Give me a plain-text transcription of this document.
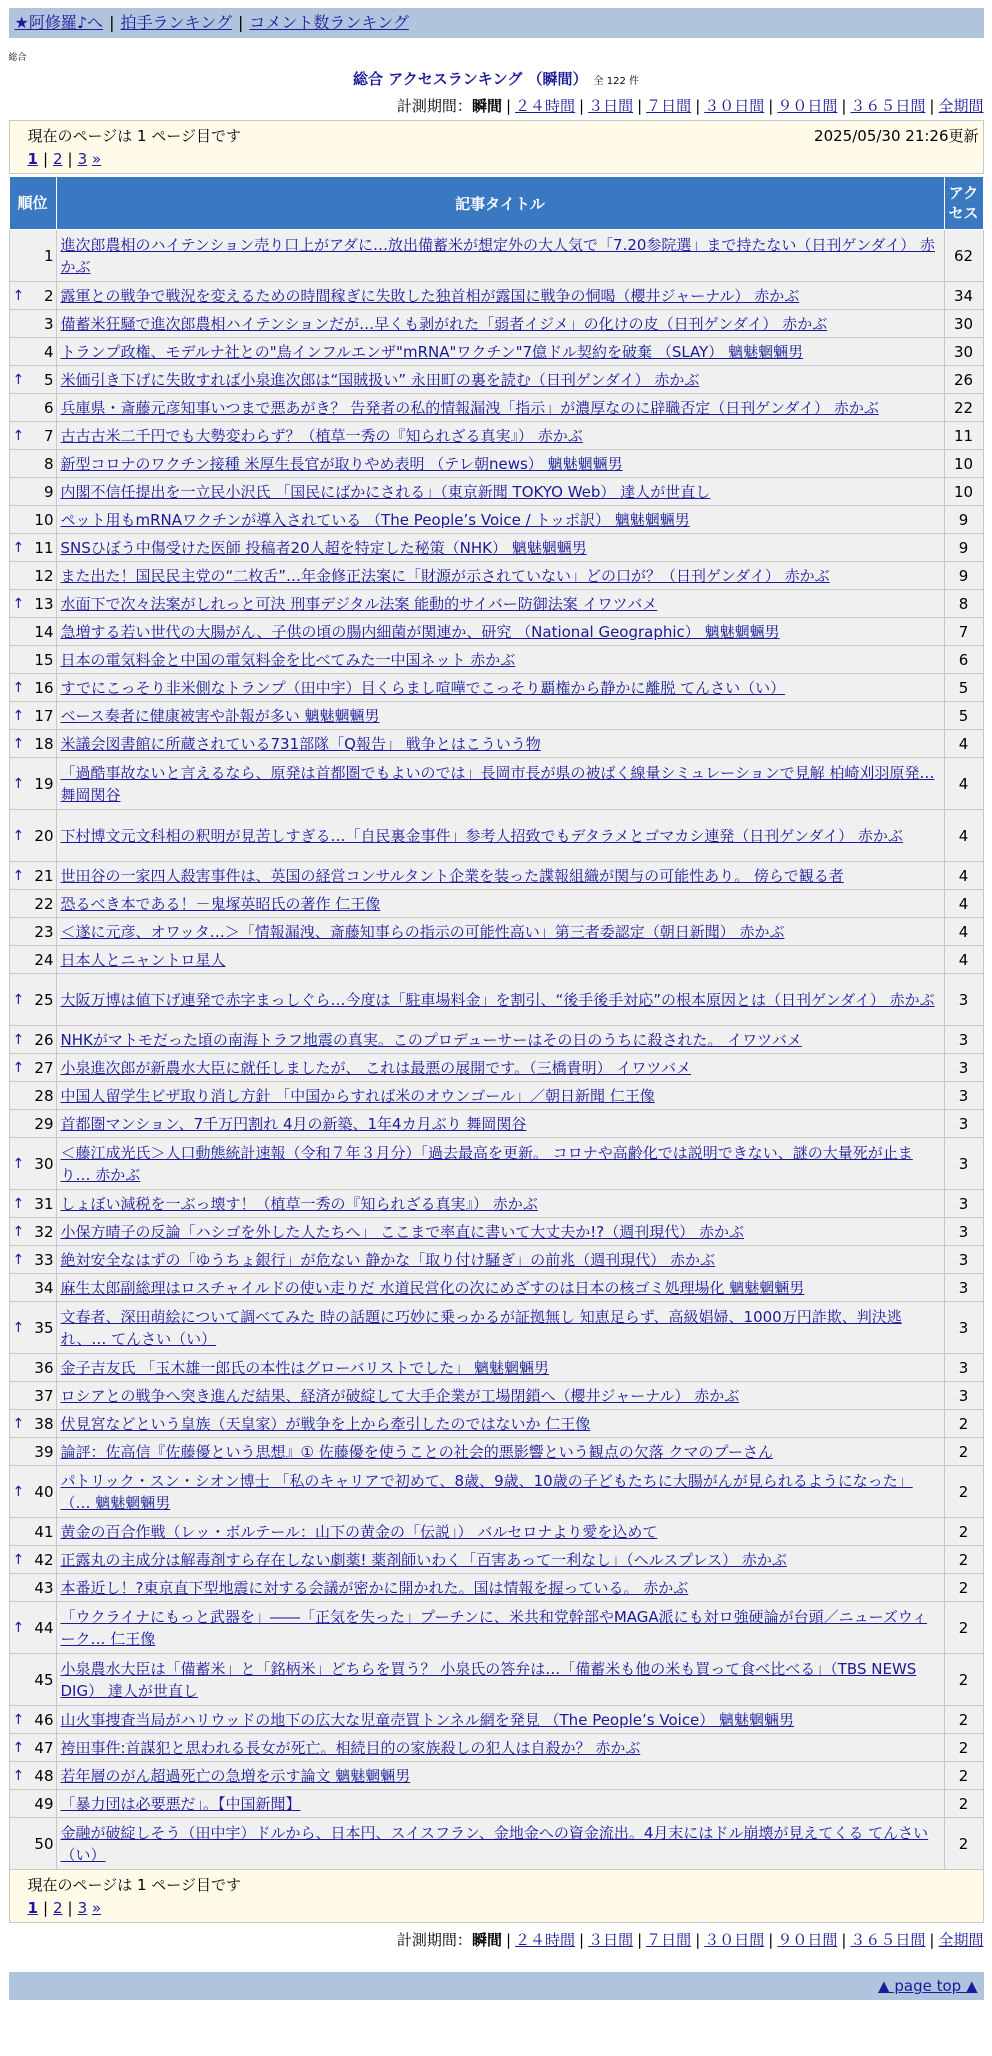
★阿修羅♪へ | 拍手ランキング | コメント数ランキング
総合
総合 アクセスランキング （瞬間） 全 122 件
計測期間：瞬間 | ２４時間 | ３日間 | ７日間 | ３０日間 | ９０日間 | ３６５日間 | 全期間
現在のページは 1 ページ目です	2025/05/30 21:26更新
1 | 2 | 3 »
順位	記事タイトル	アクセス
1	進次郎農相のハイテンション売り口上がアダに…放出備蓄米が想定外の大人気で「7.20参院選」まで持たない（日刊ゲンダイ） 赤かぶ	62

↑ 2	露軍との戦争で戦況を変えるための時間稼ぎに失敗した独首相が露国に戦争の恫喝（櫻井ジャーナル） 赤かぶ	34
3	備蓄米狂騒で進次郎農相ハイテンションだが…早くも剥がれた「弱者イジメ」の化けの皮（日刊ゲンダイ） 赤かぶ	30
4	トランプ政権、モデルナ社との"鳥インフルエンザ"mRNA"ワクチン"7億ドル契約を破棄 （SLAY） 魑魅魍魎男	30

↑ 5	米価引き下げに失敗すれば小泉進次郎は“国賊扱い” 永田町の裏を読む（日刊ゲンダイ） 赤かぶ	26
6	兵庫県・斎藤元彦知事いつまで悪あがき？ 告発者の私的情報漏洩「指示」が濃厚なのに辟職否定（日刊ゲンダイ） 赤かぶ	22

↑ 7	古古古米二千円でも大勢変わらず？（植草一秀の『知られざる真実』） 赤かぶ	11
8	新型コロナのワクチン接種 米厚生長官が取りやめ表明 （テレ朝news） 魑魅魍魎男	10
9	内閣不信任提出を一立民小沢氏 「国民にばかにされる」（東京新聞 TOKYO Web） 達人が世直し	10
10	ペット用もmRNAワクチンが導入されている （The People’s Voice / トッポ訳） 魑魅魍魎男	9

↑ 11	SNSひぼう中傷受けた医師 投稿者20人超を特定した秘策（NHK） 魑魅魍魎男	9
12	また出た！国民民主党の“二枚舌”…年金修正法案に「財源が示されていない」どの口が？（日刊ゲンダイ） 赤かぶ	9

↑ 13	水面下で次々法案がしれっと可決 刑事デジタル法案 能動的サイバー防御法案 イワツバメ	8
14	急増する若い世代の大腸がん、子供の頃の腸内細菌が関連か、研究 （National Geographic） 魑魅魍魎男	7
15	日本の電気料金と中国の電気料金を比べてみた一中国ネット 赤かぶ	6

↑ 16	すでにこっそり非米側なトランプ（田中宇）目くらまし喧嘩でこっそり覇権から静かに離脱 てんさい（い）	5

↑ 17	ベース奏者に健康被害や訃報が多い 魑魅魍魎男	5

↑ 18	米議会図書館に所蔵されている731部隊「Q報告」 戦争とはこういう物	4

↑ 19	「過酷事故ないと言えるなら、原発は首都圏でもよいのでは」長岡市長が県の被ばく線量シミュレーションで見解 柏崎刈羽原発… 舞岡関谷	4

↑ 20	下村博文元文科相の釈明が見苦しすぎる…「自民裏金事件」参考人招致でもデタラメとゴマカシ連発（日刊ゲンダイ） 赤かぶ	4

↑ 21	世田谷の一家四人殺害事件は、英国の経営コンサルタント企業を装った諜報組織が関与の可能性あり。 傍らで観る者	4
22	恐るべき本である！－鬼塚英昭氏の著作 仁王像	4
23	＜遂に元彦、オワッタ…＞「情報漏洩、斎藤知事らの指示の可能性高い」第三者委認定（朝日新聞） 赤かぶ	4
24	日本人とニャントロ星人	4

↑ 25	大阪万博は値下げ連発で赤字まっしぐら…今度は「駐車場料金」を割引、“後手後手対応”の根本原因とは（日刊ゲンダイ） 赤かぶ	3

↑ 26	NHKがマトモだった頃の南海トラフ地震の真実。このプロデューサーはその日のうちに殺された。 イワツバメ	3

↑ 27	小泉進次郎が新農水大臣に就任しましたが、 これは最悪の展開です。（三橋貴明） イワツバメ	3
28	中国人留学生ビザ取り消し方針 「中国からすれば米のオウンゴール」／朝日新聞 仁王像	3
29	首都圏マンション、7千万円割れ 4月の新築、1年4カ月ぶり 舞岡関谷	3

↑ 30	＜藤江成光氏＞人口動態統計速報（令和７年３月分）「過去最高を更新。 コロナや高齢化では説明できない、謎の大量死が止まり… 赤かぶ	3

↑ 31	しょぼい減税を一ぶっ壊す！（植草一秀の『知られざる真実』） 赤かぶ	3

↑ 32	小保方晴子の反論「ハシゴを外した人たちへ」 ここまで率直に書いて大丈夫か!?（週刊現代） 赤かぶ	3

↑ 33	絶対安全なはずの「ゆうちょ銀行」が危ない 静かな「取り付け騒ぎ」の前兆（週刊現代） 赤かぶ	3
34	麻生太郎副総理はロスチャイルドの使い走りだ 水道民営化の次にめざすのは日本の核ゴミ処理場化 魑魅魍魎男	3

↑ 35	文春者、深田萌絵について調べてみた 時の話題に巧妙に乗っかるが証拠無し 知恵足らず、高級娼婦、1000万円詐欺、判決逃れ、… てんさい（い）	3
36	金子吉友氏 「玉木雄一郎氏の本性はグローバリストでした」 魑魅魍魎男	3
37	ロシアとの戦争へ突き進んだ結果、経済が破綻して大手企業が工場閉鎖へ（櫻井ジャーナル） 赤かぶ	3

↑ 38	伏見宮などという皇族（天皇家）が戦争を上から牽引したのではないか 仁王像	2
39	論評：佐高信『佐藤優という思想』① 佐藤優を使うことの社会的悪影響という観点の欠落 クマのプーさん	2

↑ 40	パトリック・スン・シオン博士 「私のキャリアで初めて、8歳、9歳、10歳の子どもたちに大腸がんが見られるようになった」 （… 魑魅魍魎男	2
41	黄金の百合作戦（レッ・ボルテール：山下の黄金の「伝説」） バルセロナより愛を込めて	2

↑ 42	正露丸の主成分は解毒剤すら存在しない劇薬! 薬剤師いわく「百害あって一利なし」（ヘルスプレス） 赤かぶ	2
43	本番近し！?東京直下型地震に対する会議が密かに開かれた。国は情報を握っている。 赤かぶ	2

↑ 44	「ウクライナにもっと武器を」――「正気を失った」プーチンに、米共和党幹部やMAGA派にも対ロ強硬論が台頭／ニューズウィーク… 仁王像	2
45	小泉農水大臣は「備蓄米」と「銘柄米」どちらを買う？ 小泉氏の答弁は…「備蓄米も他の米も買って食べ比べる」（TBS NEWS DIG） 達人が世直し	2

↑ 46	山火事捜査当局がハリウッドの地下の広大な児童売買トンネル網を発見 （The People’s Voice） 魑魅魍魎男	2

↑ 47	袴田事件:首謀犯と思われる長女が死亡。相続目的の家族殺しの犯人は自殺か？ 赤かぶ	2

↑ 48	若年層のがん超過死亡の急増を示す論文 魑魅魍魎男	2
49	「暴力団は必要悪だ」。【中国新聞】	2
50	金融が破綻しそう（田中宇）ドルから、日本円、スイスフラン、金地金への資金流出。4月末にはドル崩壊が見えてくる てんさい（い）	2
現在のページは 1 ページ目です
1 | 2 | 3 »
計測期間：瞬間 | ２４時間 | ３日間 | ７日間 | ３０日間 | ９０日間 | ３６５日間 | 全期間
▲ page top ▲
